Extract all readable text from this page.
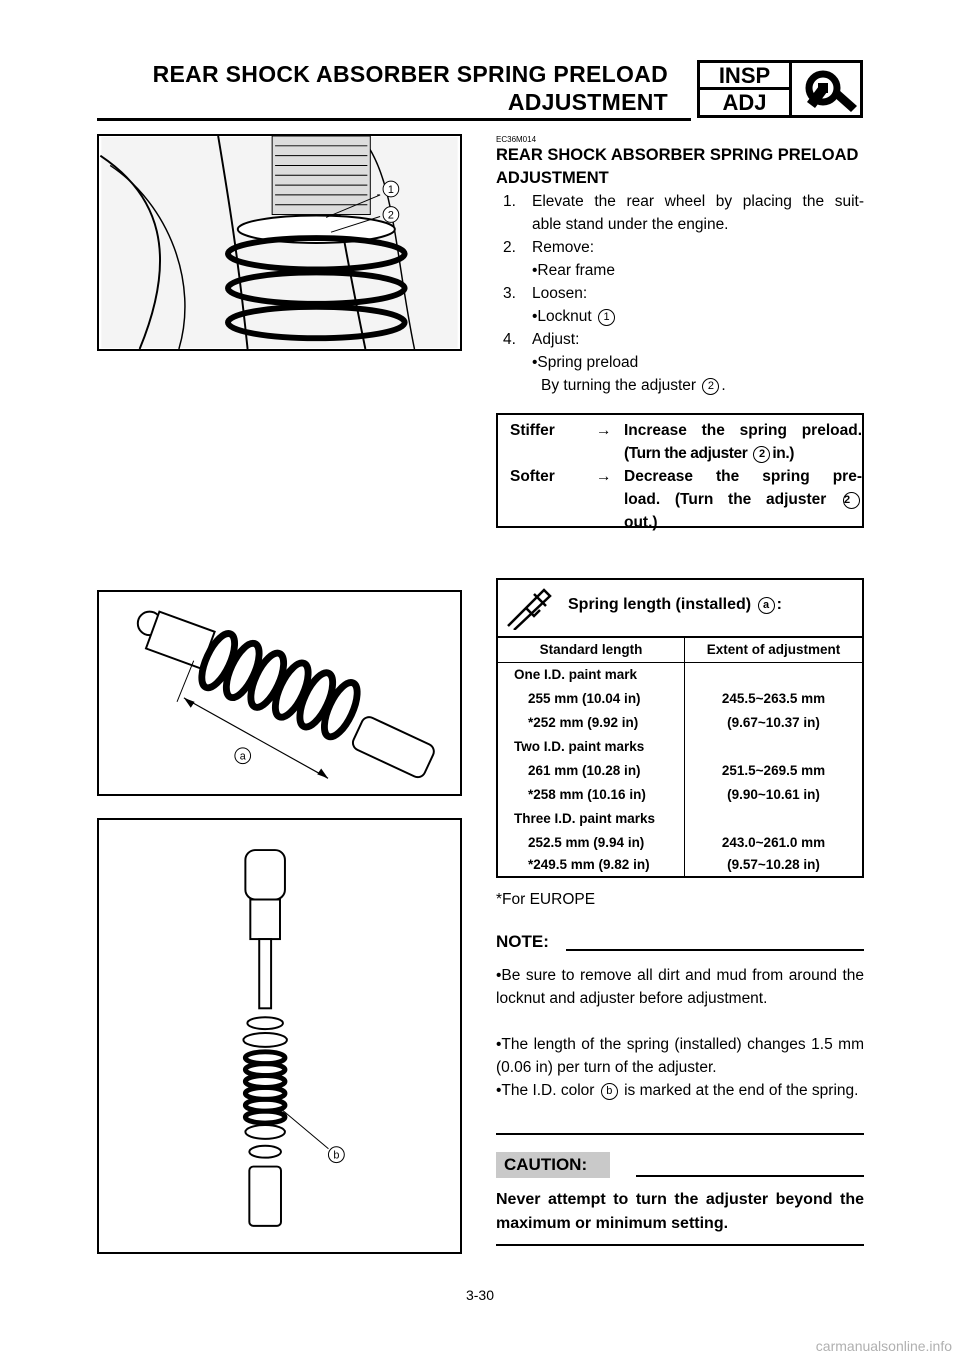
REAR SHOCK ABSORBER SPRING PRELOAD
ADJUSTMENT
INSP
ADJ
1
2
a
b
EC36M014
REAR SHOCK ABSORBER SPRING PRELOAD ADJUSTMENT
1. Elevate the rear wheel by placing the suit-
able stand under the engine.
2. Remove:
•Rear frame
3. Loosen:
•Locknut 1
4. Adjust:
•Spring preload
By turning the adjuster 2 .
Stiffer	→ Increase the spring preload.
(Turn the adjuster 2 in.)
Softer	→ Decrease the spring pre-
load. (Turn the adjuster 2
out.)
Spring length (installed) a :
Standard length	Extent of adjustment
One I.D. paint mark
255 mm (10.04 in)	245.5~263.5 mm
*252 mm (9.92 in)	(9.67~10.37 in)
Two I.D. paint marks
261 mm (10.28 in)	251.5~269.5 mm
*258 mm (10.16 in)	(9.90~10.61 in)
Three I.D. paint marks
252.5 mm (9.94 in)	243.0~261.0 mm
*249.5 mm (9.82 in)	(9.57~10.28 in)
*For EUROPE
NOTE:
•Be sure to remove all dirt and mud from around the locknut and adjuster before adjustment.
•The length of the spring (installed) changes 1.5 mm (0.06 in) per turn of the adjuster.
•The I.D. color b is marked at the end of the spring.
CAUTION:
Never attempt to turn the adjuster beyond the maximum or minimum setting.
3-30
carmanualsonline.info
